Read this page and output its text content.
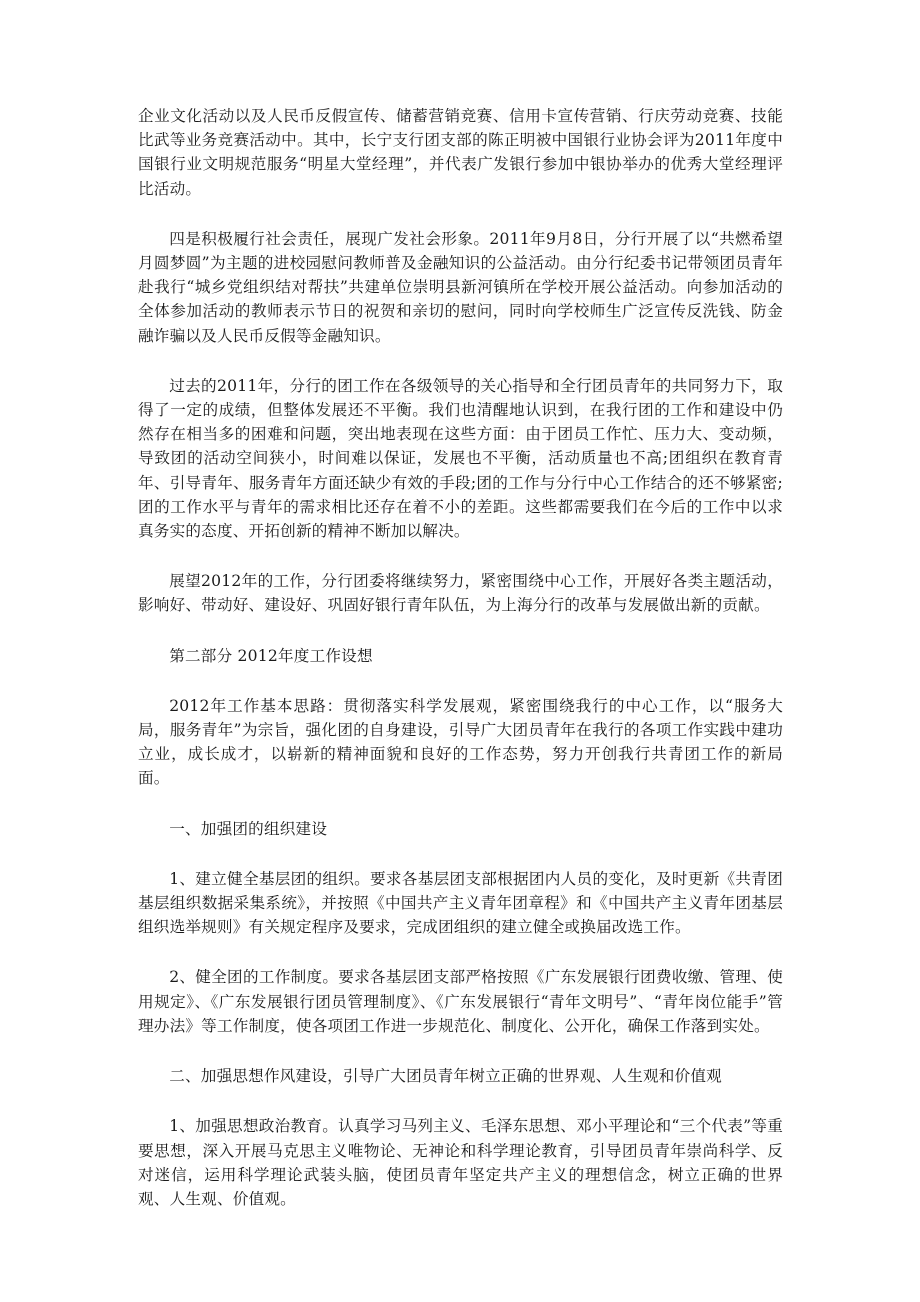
企业文化活动以及人民币反假宣传、储蓄营销竞赛、信用卡宣传营销、行庆劳动竞赛、技能比武等业务竞赛活动中。其中，长宁支行团支部的陈正明被中国银行业协会评为2011年度中国银行业文明规范服务“明星大堂经理”，并代表广发银行参加中银协举办的优秀大堂经理评比活动。

四是积极履行社会责任，展现广发社会形象。2011年9月8日，分行开展了以“共燃希望 月圆梦圆”为主题的进校园慰问教师普及金融知识的公益活动。由分行纪委书记带领团员青年赴我行“城乡党组织结对帮扶”共建单位崇明县新河镇所在学校开展公益活动。向参加活动的全体参加活动的教师表示节日的祝贺和亲切的慰问，同时向学校师生广泛宣传反洗钱、防金融诈骗以及人民币反假等金融知识。

过去的2011年，分行的团工作在各级领导的关心指导和全行团员青年的共同努力下，取得了一定的成绩，但整体发展还不平衡。我们也清醒地认识到，在我行团的工作和建设中仍然存在相当多的困难和问题，突出地表现在这些方面：由于团员工作忙、压力大、变动频，导致团的活动空间狭小，时间难以保证，发展也不平衡，活动质量也不高;团组织在教育青年、引导青年、服务青年方面还缺少有效的手段;团的工作与分行中心工作结合的还不够紧密;团的工作水平与青年的需求相比还存在着不小的差距。这些都需要我们在今后的工作中以求真务实的态度、开拓创新的精神不断加以解决。

展望2012年的工作，分行团委将继续努力，紧密围绕中心工作，开展好各类主题活动，影响好、带动好、建设好、巩固好银行青年队伍，为上海分行的改革与发展做出新的贡献。

第二部分 2012年度工作设想

2012年工作基本思路：贯彻落实科学发展观，紧密围绕我行的中心工作，以“服务大局，服务青年”为宗旨，强化团的自身建设，引导广大团员青年在我行的各项工作实践中建功立业，成长成才，以崭新的精神面貌和良好的工作态势，努力开创我行共青团工作的新局面。

一、加强团的组织建设

1、建立健全基层团的组织。要求各基层团支部根据团内人员的变化，及时更新《共青团基层组织数据采集系统》，并按照《中国共产主义青年团章程》和《中国共产主义青年团基层组织选举规则》有关规定程序及要求，完成团组织的建立健全或换届改选工作。

2、健全团的工作制度。要求各基层团支部严格按照《广东发展银行团费收缴、管理、使用规定》、《广东发展银行团员管理制度》、《广东发展银行“青年文明号”、“青年岗位能手”管理办法》等工作制度，使各项团工作进一步规范化、制度化、公开化，确保工作落到实处。

二、加强思想作风建设，引导广大团员青年树立正确的世界观、人生观和价值观

1、加强思想政治教育。认真学习马列主义、毛泽东思想、邓小平理论和“三个代表”等重要思想，深入开展马克思主义唯物论、无神论和科学理论教育，引导团员青年崇尚科学、反对迷信，运用科学理论武装头脑，使团员青年坚定共产主义的理想信念，树立正确的世界观、人生观、价值观。
